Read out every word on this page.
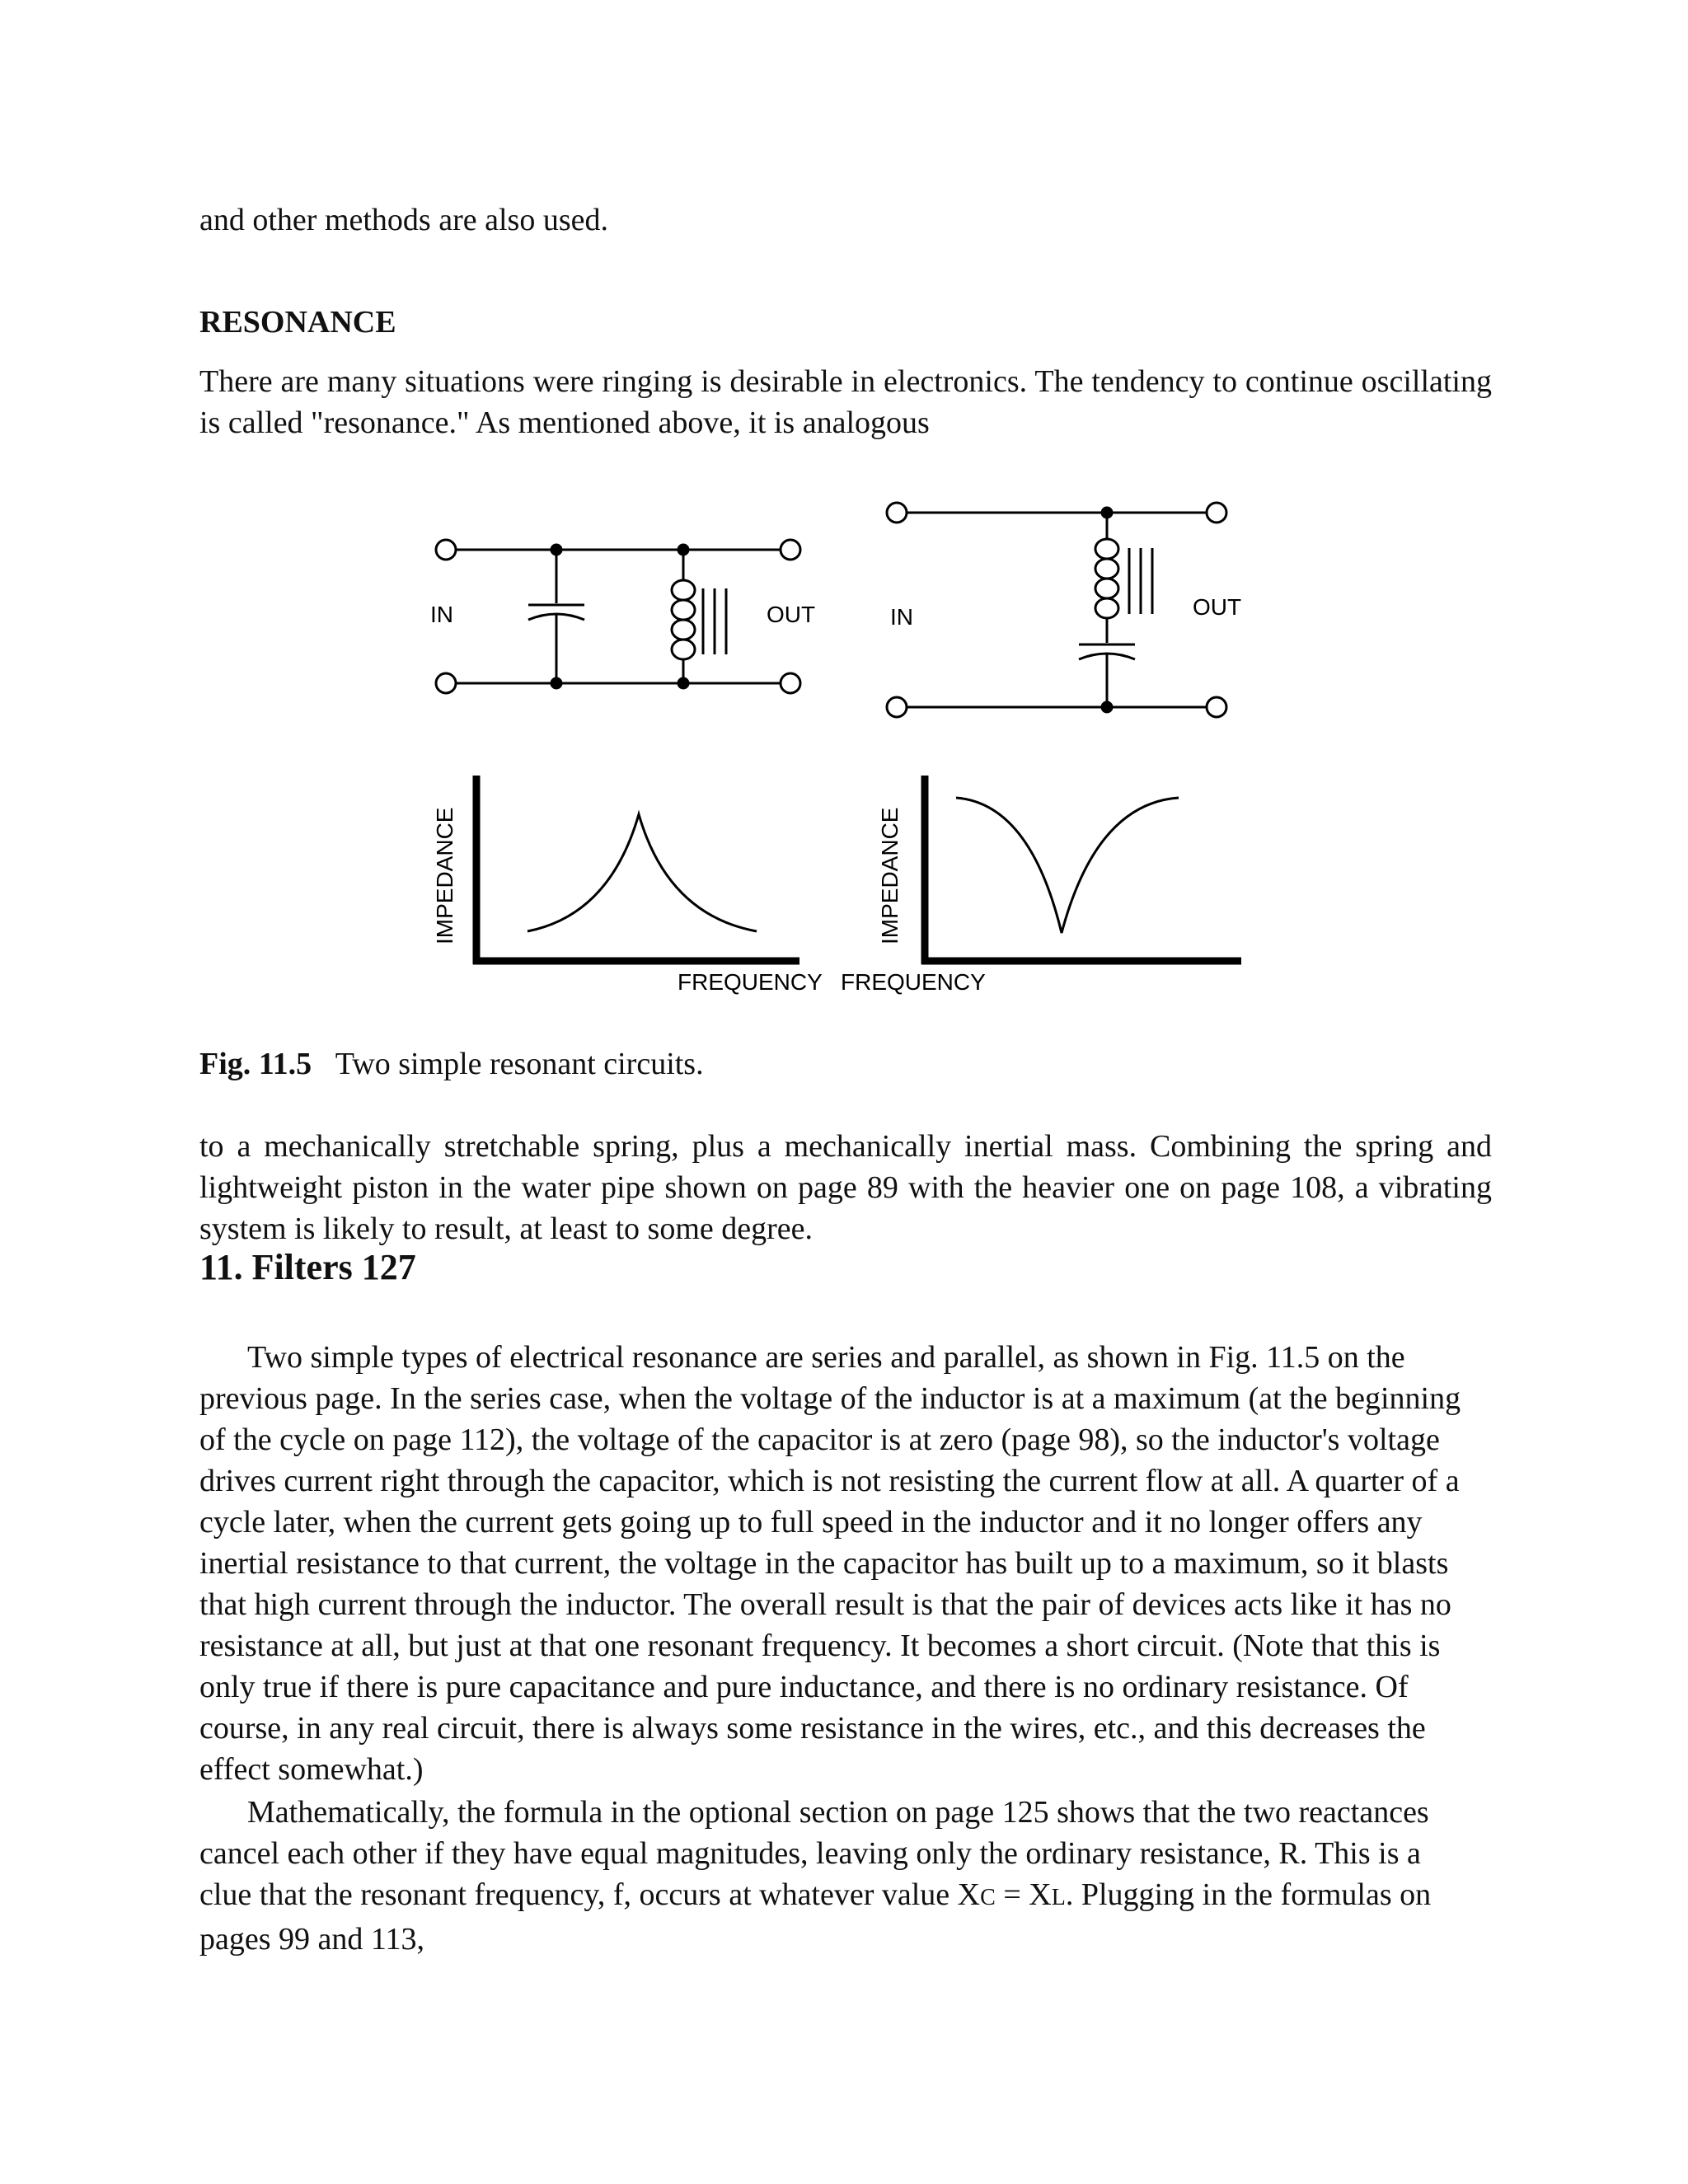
and other methods are also used.

RESONANCE

There are many situations were ringing is desirable in electronics. The tendency to continue oscillating is called "resonance." As mentioned above, it is analogous

IN	OUT	IN	OUT
IMPEDANCE	IMPEDANCE
FREQUENCY FREQUENCY

Fig. 11.5 Two simple resonant circuits.

to a mechanically stretchable spring, plus a mechanically inertial mass. Combining the spring and lightweight piston in the water pipe shown on page 89 with the heavier one on page 108, a vibrating system is likely to result, at least to some degree.

11. Filters 127

Two simple types of electrical resonance are series and parallel, as shown in Fig. 11.5 on the previous page. In the series case, when the voltage of the inductor is at a maximum (at the beginning of the cycle on page 112), the voltage of the capacitor is at zero (page 98), so the inductor's voltage drives current right through the capacitor, which is not resisting the current flow at all. A quarter of a cycle later, when the current gets going up to full speed in the inductor and it no longer offers any inertial resistance to that current, the voltage in the capacitor has built up to a maximum, so it blasts that high current through the inductor. The overall result is that the pair of devices acts like it has no resistance at all, but just at that one resonant frequency. It becomes a short circuit. (Note that this is only true if there is pure capacitance and pure inductance, and there is no ordinary resistance. Of course, in any real circuit, there is always some resistance in the wires, etc., and this decreases the effect somewhat.)

Mathematically, the formula in the optional section on page 125 shows that the two reactances cancel each other if they have equal magnitudes, leaving only the ordinary resistance, R. This is a clue that the resonant frequency, f, occurs at whatever value XC = XL. Plugging in the formulas on pages 99 and 113,
